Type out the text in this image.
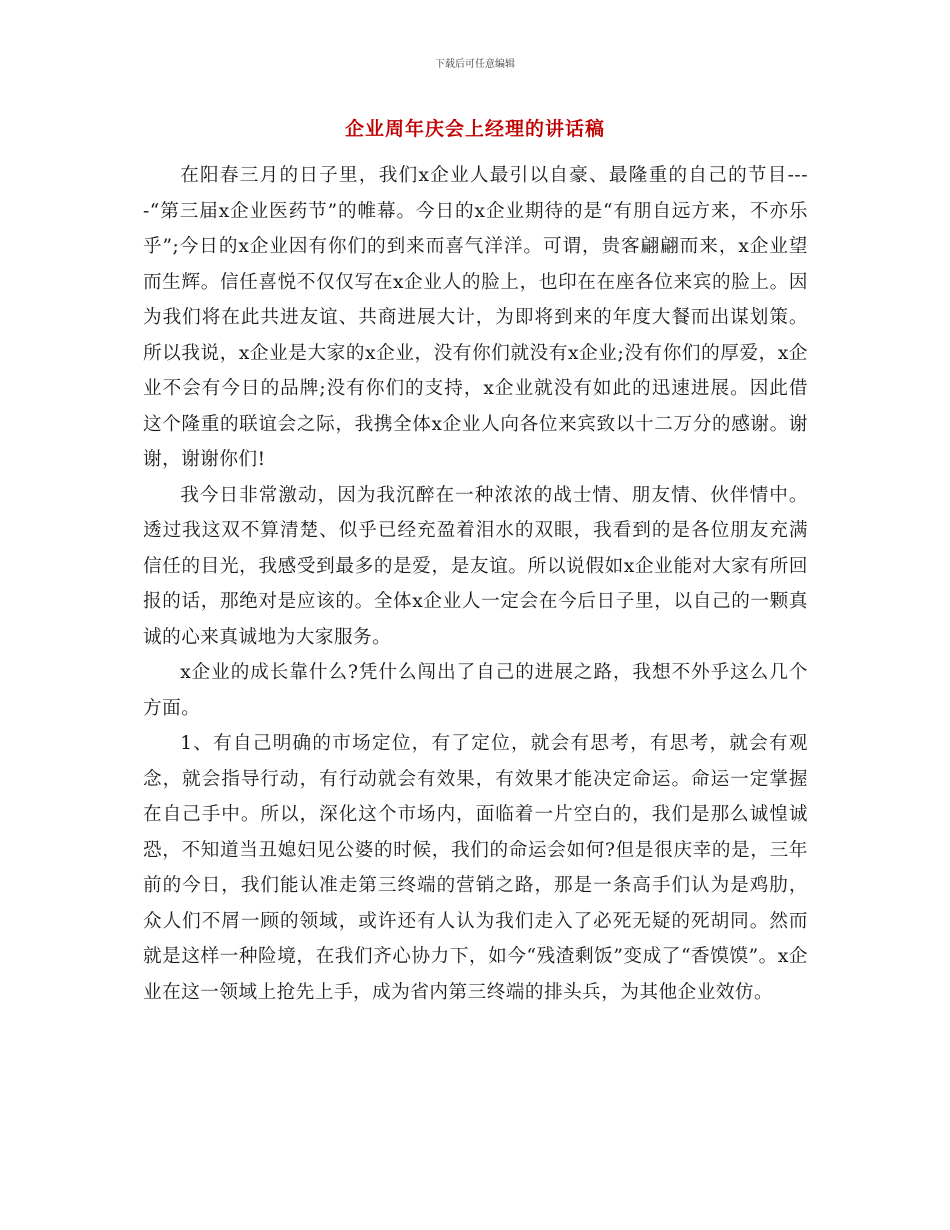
下载后可任意编辑
企业周年庆会上经理的讲话稿

在阳春三月的日子里，我们x企业人最引以自豪、最隆重的自己的节目----“第三届x企业医药节”的帷幕。今日的x企业期待的是“有朋自远方来，不亦乐乎”;今日的x企业因有你们的到来而喜气洋洋。可谓，贵客翩翩而来，x企业望而生辉。信任喜悦不仅仅写在x企业人的脸上，也印在在座各位来宾的脸上。因为我们将在此共进友谊、共商进展大计，为即将到来的年度大餐而出谋划策。所以我说，x企业是大家的x企业，没有你们就没有x企业;没有你们的厚爱，x企业不会有今日的品牌;没有你们的支持，x企业就没有如此的迅速进展。因此借这个隆重的联谊会之际，我携全体x企业人向各位来宾致以十二万分的感谢。谢谢，谢谢你们!

我今日非常激动，因为我沉醉在一种浓浓的战士情、朋友情、伙伴情中。透过我这双不算清楚、似乎已经充盈着泪水的双眼，我看到的是各位朋友充满信任的目光，我感受到最多的是爱，是友谊。所以说假如x企业能对大家有所回报的话，那绝对是应该的。全体x企业人一定会在今后日子里，以自己的一颗真诚的心来真诚地为大家服务。

x企业的成长靠什么?凭什么闯出了自己的进展之路，我想不外乎这么几个方面。

1、有自己明确的市场定位，有了定位，就会有思考，有思考，就会有观念，就会指导行动，有行动就会有效果，有效果才能决定命运。命运一定掌握在自己手中。所以，深化这个市场内，面临着一片空白的，我们是那么诚惶诚恐，不知道当丑媳妇见公婆的时候，我们的命运会如何?但是很庆幸的是，三年前的今日，我们能认准走第三终端的营销之路，那是一条高手们认为是鸡肋，众人们不屑一顾的领域，或许还有人认为我们走入了必死无疑的死胡同。然而就是这样一种险境，在我们齐心协力下，如今“残渣剩饭”变成了“香馍馍”。x企业在这一领域上抢先上手，成为省内第三终端的排头兵，为其他企业效仿。
